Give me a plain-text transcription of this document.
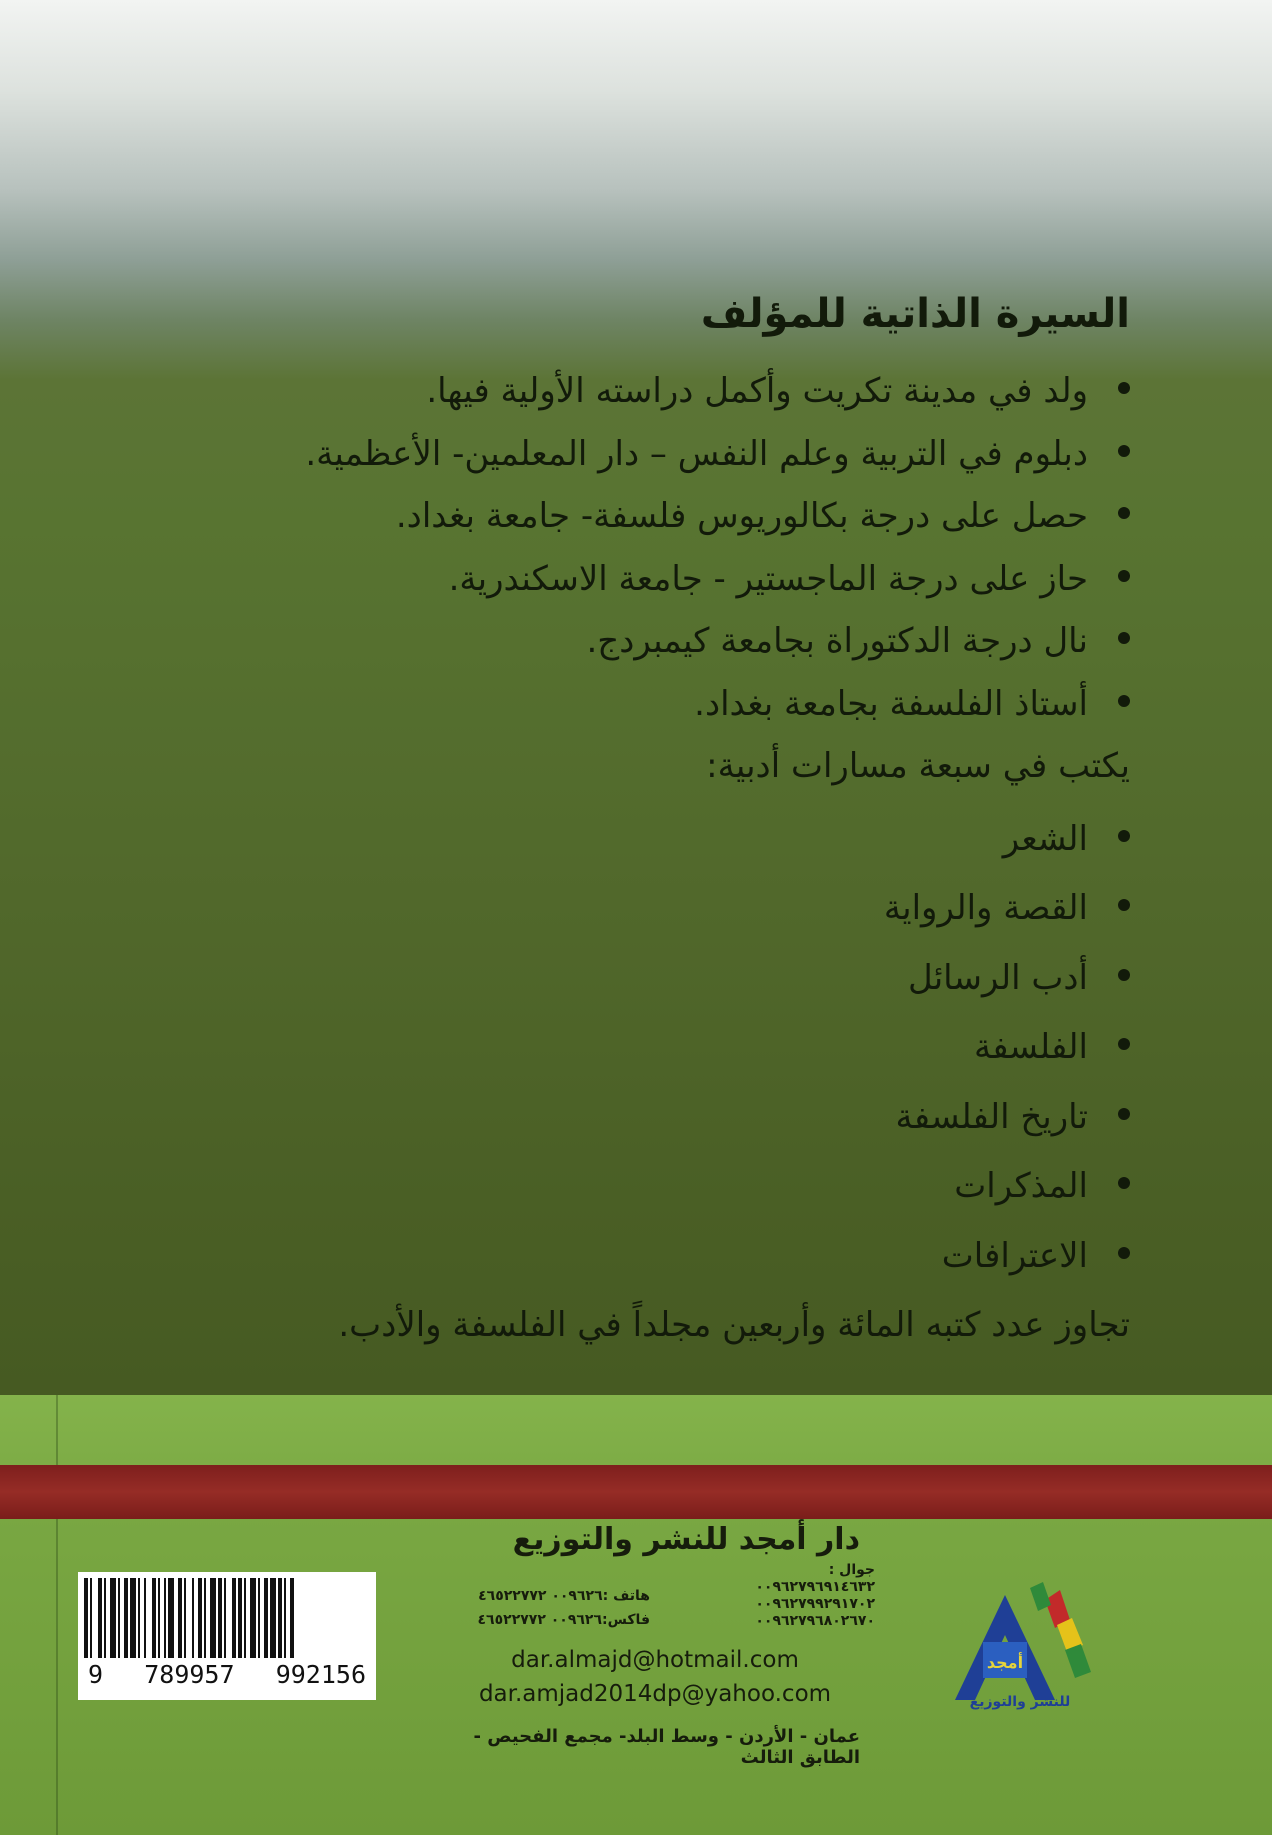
السيرة الذاتية للمؤلف
ولد في مدينة تكريت وأكمل دراسته الأولية فيها.
دبلوم في التربية وعلم النفس – دار المعلمين- الأعظمية.
حصل على درجة بكالوريوس فلسفة- جامعة بغداد.
حاز على درجة الماجستير - جامعة الاسكندرية.
نال درجة الدكتوراة بجامعة كيمبردج.
أستاذ الفلسفة بجامعة بغداد.
يكتب في سبعة مسارات أدبية:
الشعر
القصة والرواية
أدب الرسائل
الفلسفة
تاريخ الفلسفة
المذكرات
الاعترافات
تجاوز عدد كتبه المائة وأربعين مجلداً في الفلسفة والأدب.
دار أمجد للنشر والتوزيع
جوال :
٠٠٩٦٢٧٩٦٩١٤٦٣٢
٠٠٩٦٢٧٩٩٢٩١٧٠٢
٠٠٩٦٢٧٩٦٨٠٢٦٧٠
هاتف :٠٠٩٦٢٦ ٤٦٥٢٢٧٧٢
فاكس:٠٠٩٦٢٦ ٤٦٥٢٢٧٧٢
dar.almajd@hotmail.com
dar.amjad2014dp@yahoo.com
عمان - الأردن - وسط البلد- مجمع الفحيص - الطابق الثالث
9 789957 992156	أمجد
للنشر والتوزيع
